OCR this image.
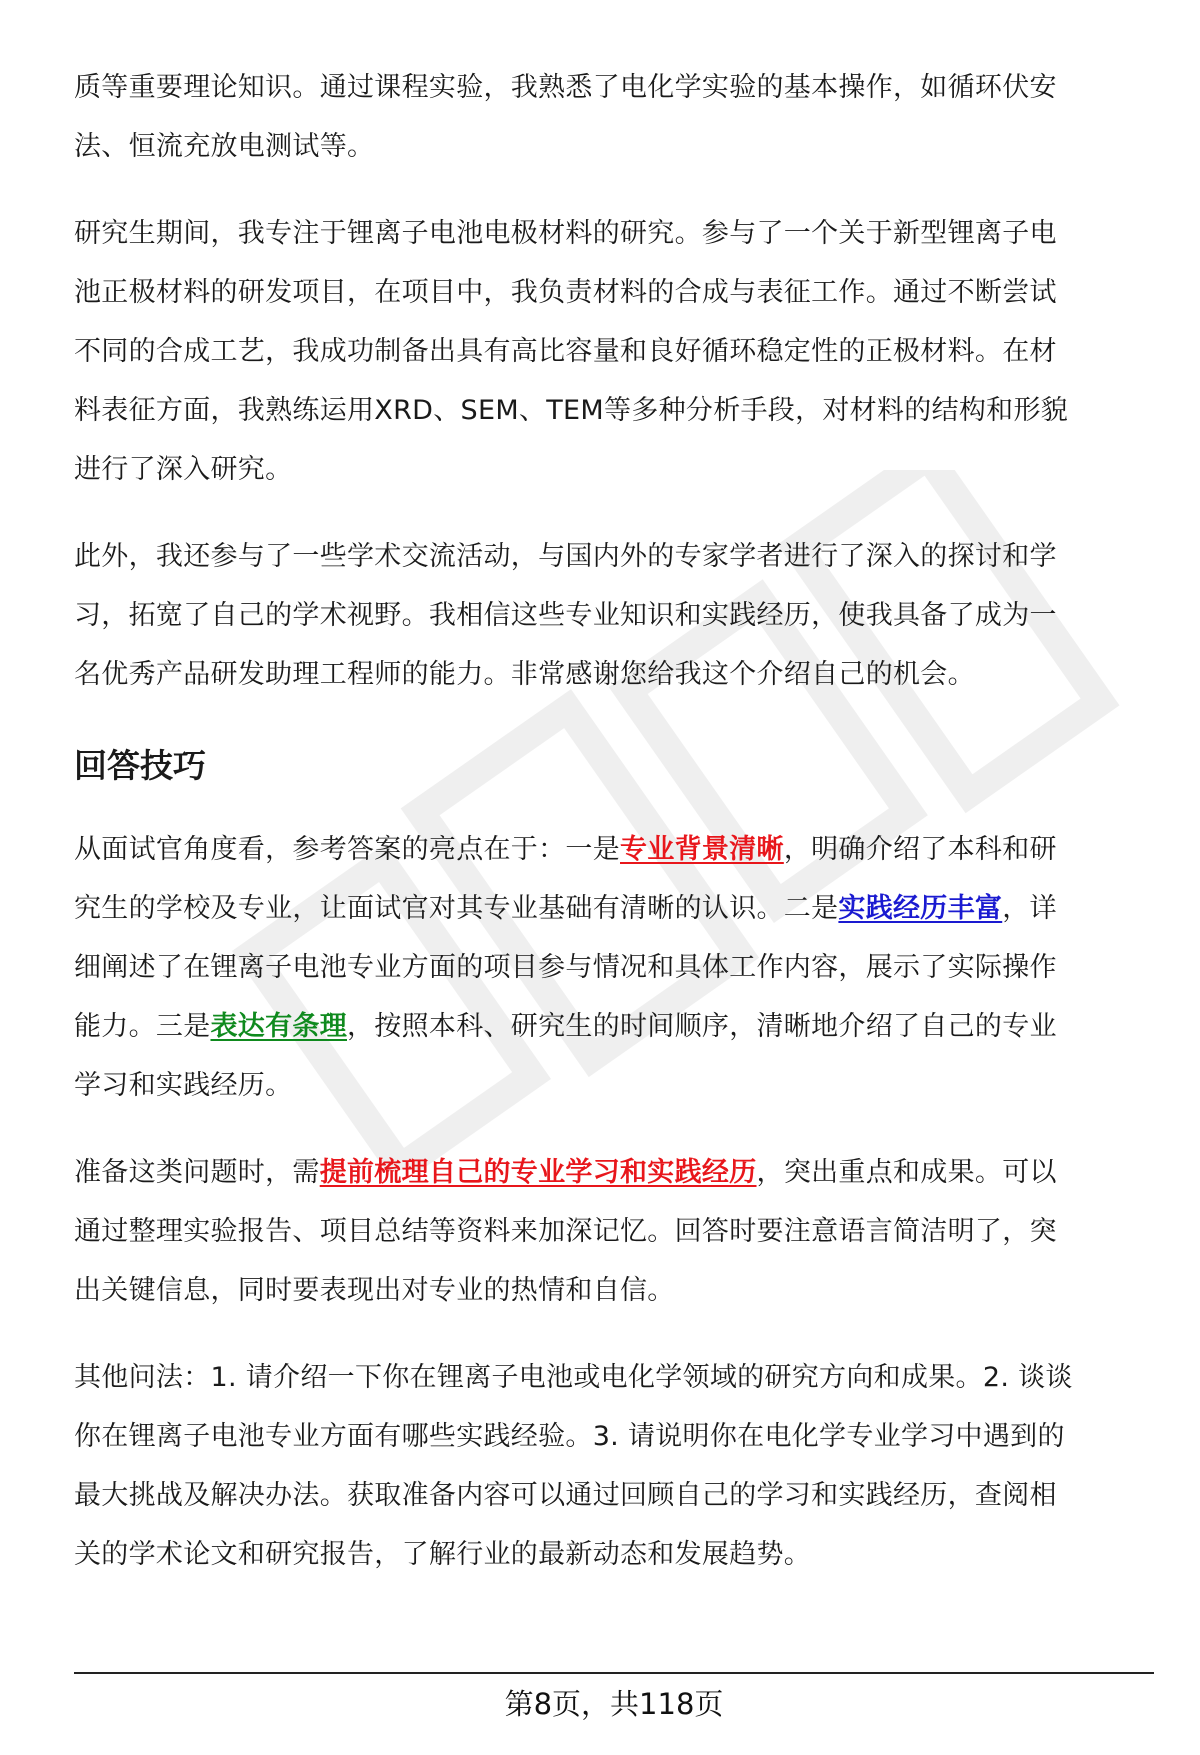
质等重要理论知识。通过课程实验，我熟悉了电化学实验的基本操作，如循环伏安
法、恒流充放电测试等。

研究生期间，我专注于锂离子电池电极材料的研究。参与了一个关于新型锂离子电
池正极材料的研发项目，在项目中，我负责材料的合成与表征工作。通过不断尝试
不同的合成工艺，我成功制备出具有高比容量和良好循环稳定性的正极材料。在材
料表征方面，我熟练运用XRD、SEM、TEM等多种分析手段，对材料的结构和形貌
进行了深入研究。

此外，我还参与了一些学术交流活动，与国内外的专家学者进行了深入的探讨和学
习，拓宽了自己的学术视野。我相信这些专业知识和实践经历，使我具备了成为一
名优秀产品研发助理工程师的能力。非常感谢您给我这个介绍自己的机会。

回答技巧

从面试官角度看，参考答案的亮点在于：一是专业背景清晰，明确介绍了本科和研
究生的学校及专业，让面试官对其专业基础有清晰的认识。二是实践经历丰富，详
细阐述了在锂离子电池专业方面的项目参与情况和具体工作内容，展示了实际操作
能力。三是表达有条理，按照本科、研究生的时间顺序，清晰地介绍了自己的专业
学习和实践经历。

准备这类问题时，需提前梳理自己的专业学习和实践经历，突出重点和成果。可以
通过整理实验报告、项目总结等资料来加深记忆。回答时要注意语言简洁明了，突
出关键信息，同时要表现出对专业的热情和自信。

其他问法：1. 请介绍一下你在锂离子电池或电化学领域的研究方向和成果。2. 谈谈
你在锂离子电池专业方面有哪些实践经验。3. 请说明你在电化学专业学习中遇到的
最大挑战及解决办法。获取准备内容可以通过回顾自己的学习和实践经历，查阅相
关的学术论文和研究报告，了解行业的最新动态和发展趋势。

第8页，共118页
